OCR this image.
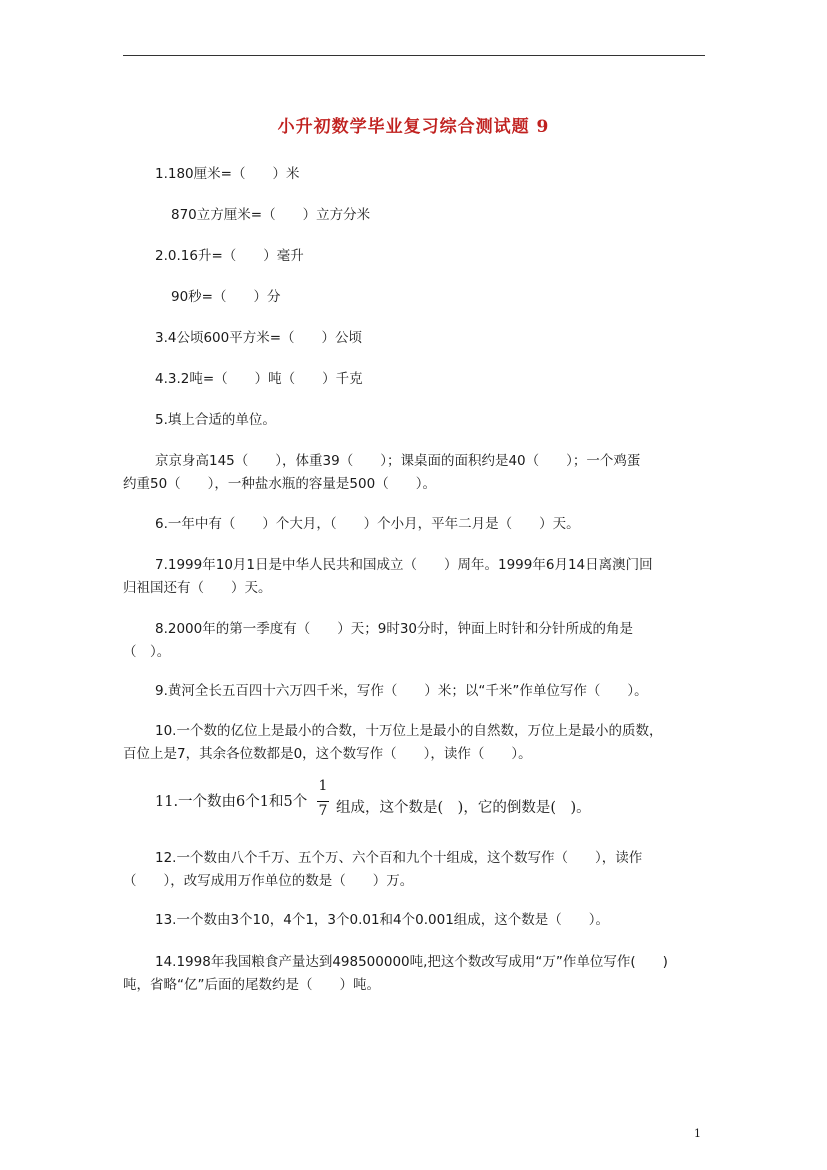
小升初数学毕业复习综合测试题 9
1.180厘米=（　　）米
870立方厘米=（　　）立方分米
2.0.16升=（　　）毫升
90秒=（　　）分
3.4公顷600平方米=（　　）公顷
4.3.2吨=（　　）吨（　　）千克
5.填上合适的单位。
京京身高145（　　），体重39（　　）；课桌面的面积约是40（　　）；一个鸡蛋
约重50（　　），一种盐水瓶的容量是500（　　）。
6.一年中有（　　）个大月，（　　）个小月，平年二月是（　　）天。
7.1999年10月1日是中华人民共和国成立（　　）周年。1999年6月14日离澳门回
归祖国还有（　　）天。
8.2000年的第一季度有（　　）天；9时30分时，钟面上时针和分针所成的角是
（　）。
9.黄河全长五百四十六万四千米，写作（　　）米；以“千米”作单位写作（　　）。
10.一个数的亿位上是最小的合数，十万位上是最小的自然数，万位上是最小的质数，
百位上是7，其余各位数都是0，这个数写作（　　），读作（　　）。
11.一个数由6个1和5个
1
7 组成，这个数是(　)，它的倒数是(　)。
12.一个数由八个千万、五个万、六个百和九个十组成，这个数写作（　　），读作
（　　），改写成用万作单位的数是（　　）万。
13.一个数由3个10，4个1，3个0.01和4个0.001组成，这个数是（　　）。
14.1998年我国粮食产量达到498500000吨,把这个数改写成用“万”作单位写作(　　)
吨，省略“亿”后面的尾数约是（　　）吨。
1
